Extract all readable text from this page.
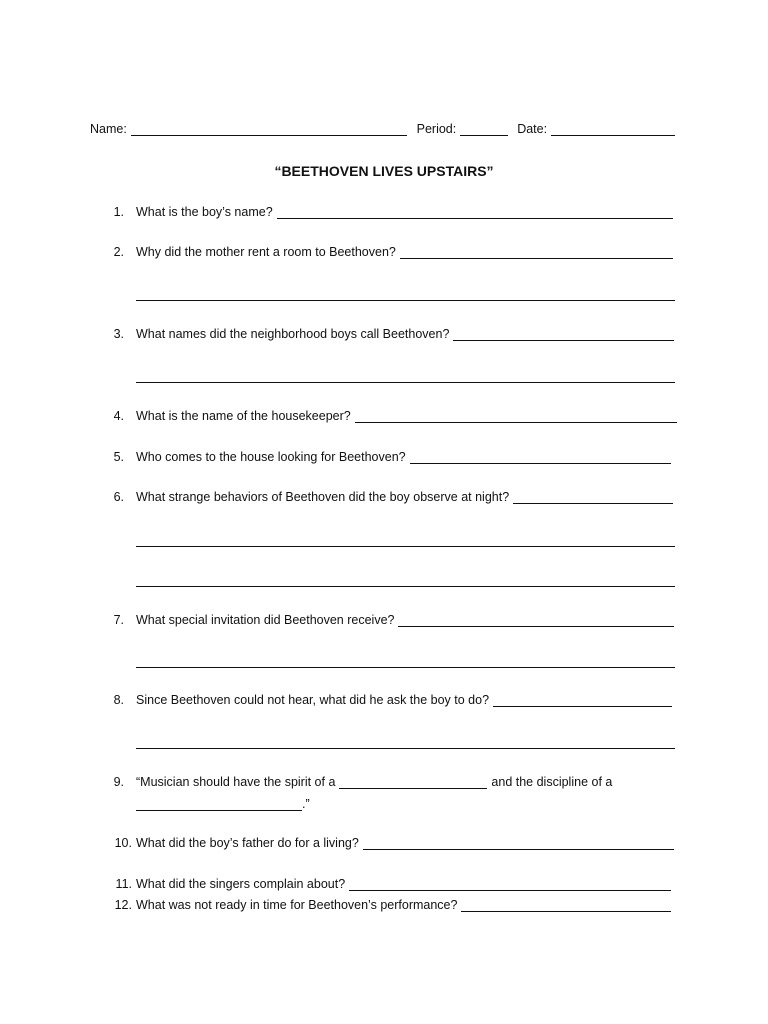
Name:	Period:	Date:
“BEETHOVEN LIVES UPSTAIRS”
1. What is the boy’s name?
2. Why did the mother rent a room to Beethoven?
3. What names did the neighborhood boys call Beethoven?
4. What is the name of the housekeeper?
5. Who comes to the house looking for Beethoven?
6. What strange behaviors of Beethoven did the boy observe at night?
7. What special invitation did Beethoven receive?
8. Since Beethoven could not hear, what did he ask the boy to do?
9. “Musician should have the spirit of a	and the discipline of a
.”
10. What did the boy’s father do for a living?
11. What did the singers complain about?
12. What was not ready in time for Beethoven’s performance?
